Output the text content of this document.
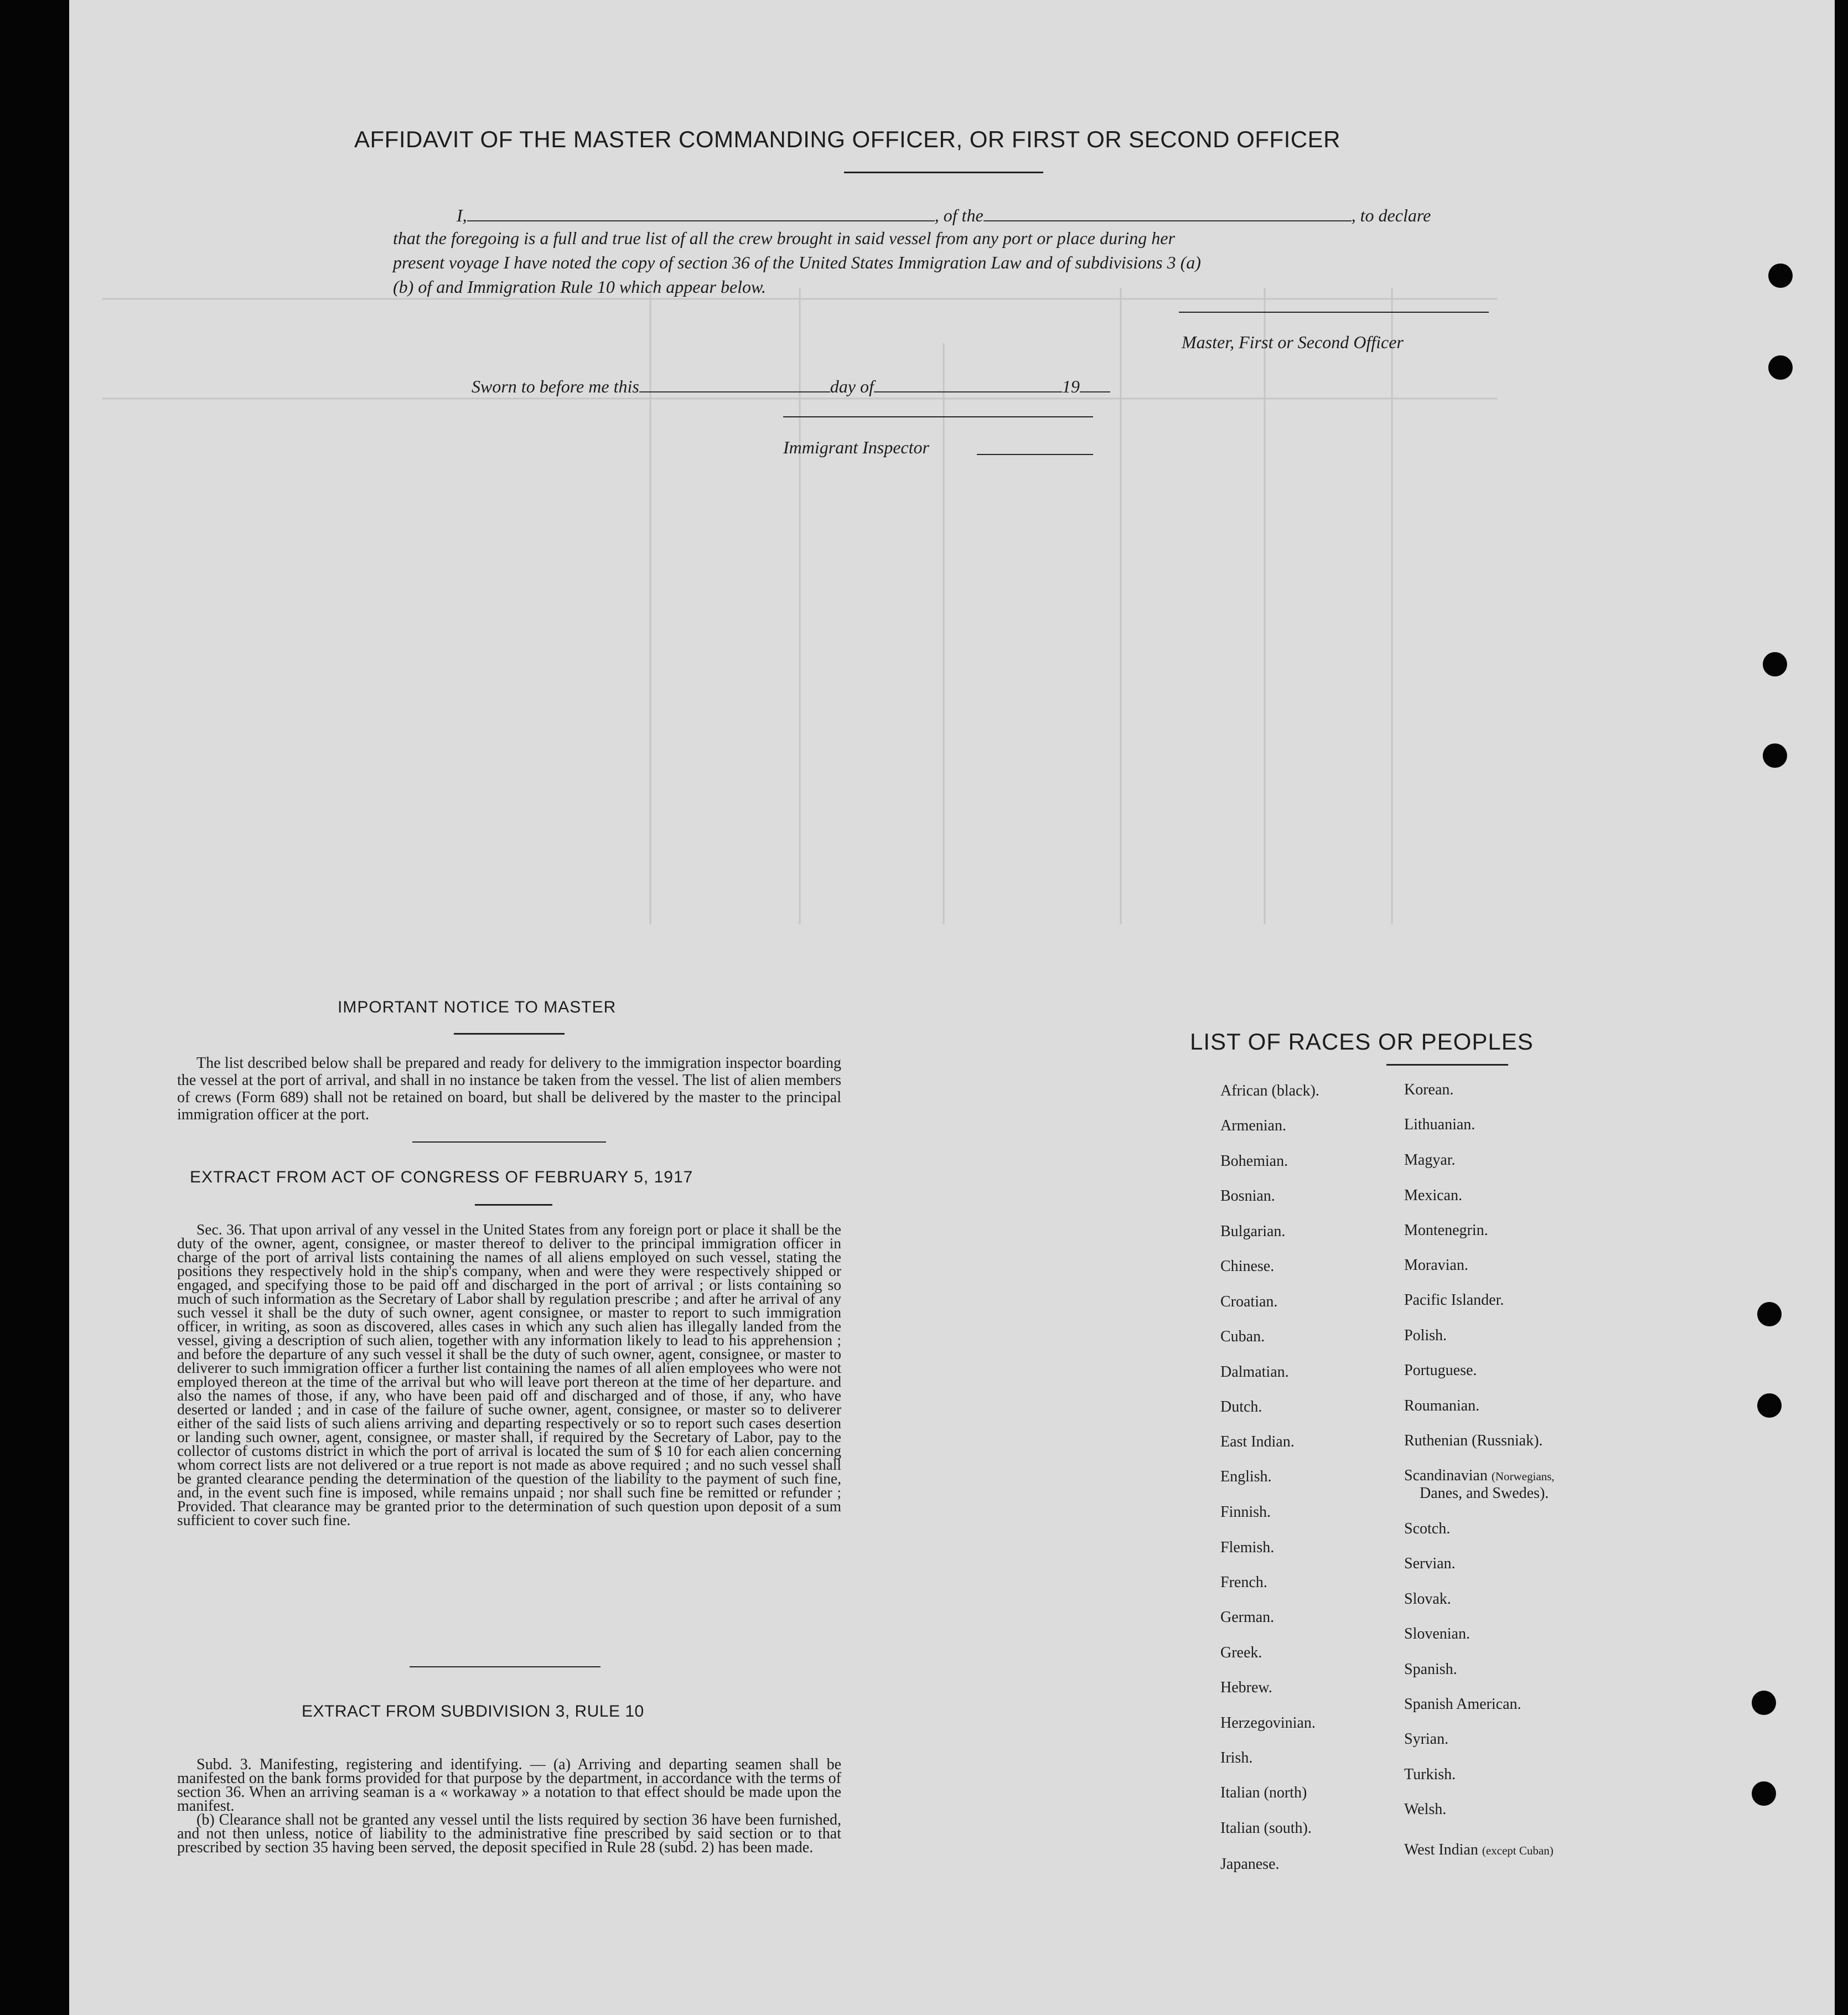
AFFIDAVIT OF THE MASTER COMMANDING OFFICER, OR FIRST OR SECOND OFFICER
I,	, of the	, to declare
that the foregoing is a full and true list of all the crew brought in said vessel from any port or place during her
present voyage I have noted the copy of section 36 of the United States Immigration Law and of subdivisions 3 (a)
(b) of and Immigration Rule 10 which appear below.
Master, First or Second Officer
Sworn to before me this	day of	19
Immigrant Inspector
IMPORTANT NOTICE TO MASTER
The list described below shall be prepared and ready for delivery to the immigration inspector boarding the vessel at the port of arrival, and shall in no instance be taken from the vessel. The list of alien members of crews (Form 689) shall not be retained on board, but shall be delivered by the master to the principal immigration officer at the port.
EXTRACT FROM ACT OF CONGRESS OF FEBRUARY 5, 1917
Sec. 36. That upon arrival of any vessel in the United States from any foreign port or place it shall be the duty of the owner, agent, consignee, or master thereof to deliver to the principal immigration officer in charge of the port of arrival lists containing the names of all aliens employed on such vessel, stating the positions they respectively hold in the ship's company, when and were they were respectively shipped or engaged, and specifying those to be paid off and discharged in the port of arrival ; or lists containing so much of such information as the Secretary of Labor shall by regulation prescribe ; and after he arrival of any such vessel it shall be the duty of such owner, agent consignee, or master to report to such immigration officer, in writing, as soon as discovered, alles cases in which any such alien has illegally landed from the vessel, giving a description of such alien, together with any information likely to lead to his apprehension ; and before the departure of any such vessel it shall be the duty of such owner, agent, consignee, or master to deliverer to such immigration officer a further list containing the names of all alien employees who were not employed thereon at the time of the arrival but who will leave port thereon at the time of her departure. and also the names of those, if any, who have been paid off and discharged and of those, if any, who have deserted or landed ; and in case of the failure of suche owner, agent, consignee, or master so to deliverer either of the said lists of such aliens arriving and departing respectively or so to report such cases desertion or landing such owner, agent, consignee, or master shall, if required by the Secretary of Labor, pay to the collector of customs district in which the port of arrival is located the sum of $ 10 for each alien concerning whom correct lists are not delivered or a true report is not made as above required ; and no such vessel shall be granted clearance pending the determination of the question of the liability to the payment of such fine, and, in the event such fine is imposed, while remains unpaid ; nor shall such fine be remitted or refunder ; Provided. That clearance may be granted prior to the determination of such question upon deposit of a sum sufficient to cover such fine.
EXTRACT FROM SUBDIVISION 3, RULE 10
Subd. 3. Manifesting, registering and identifying. — (a) Arriving and departing seamen shall be manifested on the bank forms provided for that purpose by the department, in accordance with the terms of section 36. When an arriving seaman is a « workaway » a notation to that effect should be made upon the manifest.
(b) Clearance shall not be granted any vessel until the lists required by section 36 have been furnished, and not then unless, notice of liability to the administrative fine prescribed by said section or to that prescribed by section 35 having been served, the deposit specified in Rule 28 (subd. 2) has been made.
LIST OF RACES OR PEOPLES
Korean.
Lithuanian.
Magyar.
Mexican.
Montenegrin.
Moravian.
Pacific Islander.
Polish.
Portuguese.
Roumanian.
Ruthenian (Russniak).
Scandinavian (Norwegians,
Danes, and Swedes).
Scotch.
Servian.
Slovak.
Slovenian.
Spanish.
Spanish American.
Syrian.
Turkish.
Welsh.
West Indian (except Cuban)
African (black).
Armenian.
Bohemian.
Bosnian.
Bulgarian.
Chinese.
Croatian.
Cuban.
Dalmatian.
Dutch.
East Indian.
English.
Finnish.
Flemish.
French.
German.
Greek.
Hebrew.
Herzegovinian.
Irish.
Italian (north)
Italian (south).
Japanese.
